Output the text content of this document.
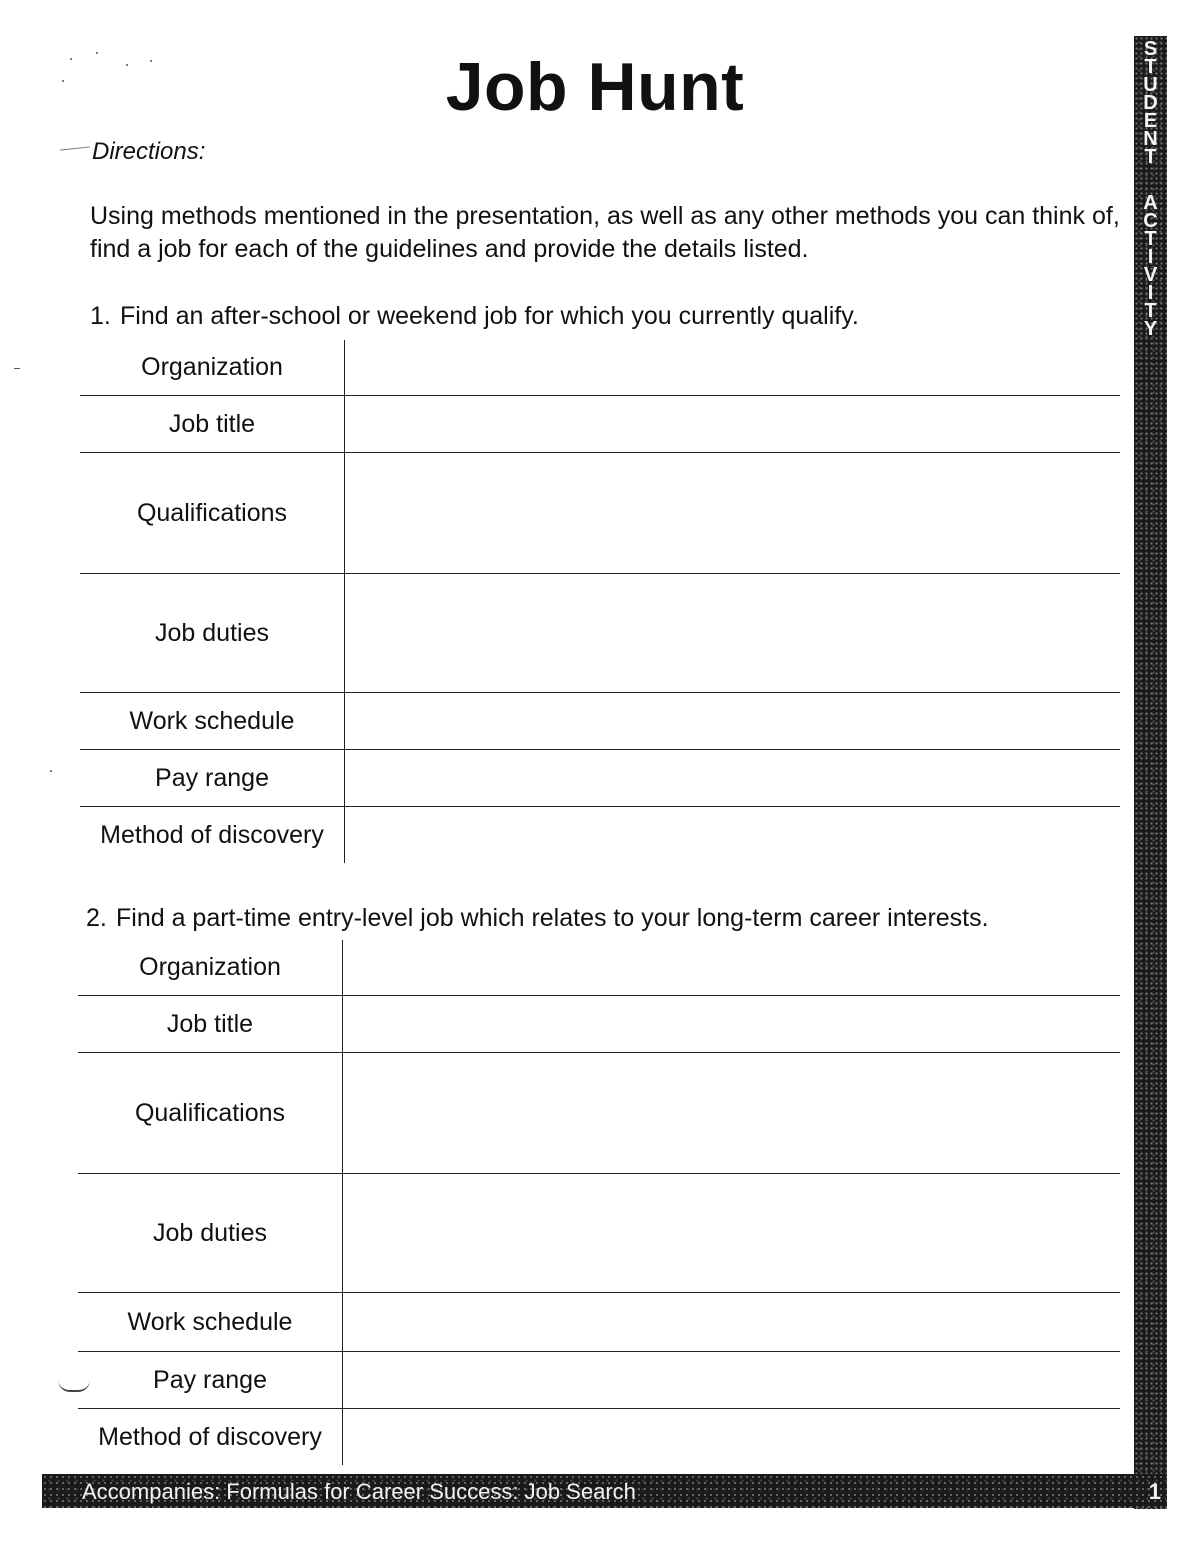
Job Hunt
Directions:
Using methods mentioned in the presentation, as well as any other methods you can think of, find a job for each of the guidelines and provide the details listed.
1. Find an after-school or weekend job for which you currently qualify.
Organization
Job title
Qualifications
Job duties
Work schedule
Pay range
Method of discovery
2. Find a part-time entry-level job which relates to your long-term career interests.
Organization
Job title
Qualifications
Job duties
Work schedule
Pay range
Method of discovery
S
T
U
D
E
N
T
A
C
T
I
V
I
T
Y
Accompanies: Formulas for Career Success: Job Search	1
